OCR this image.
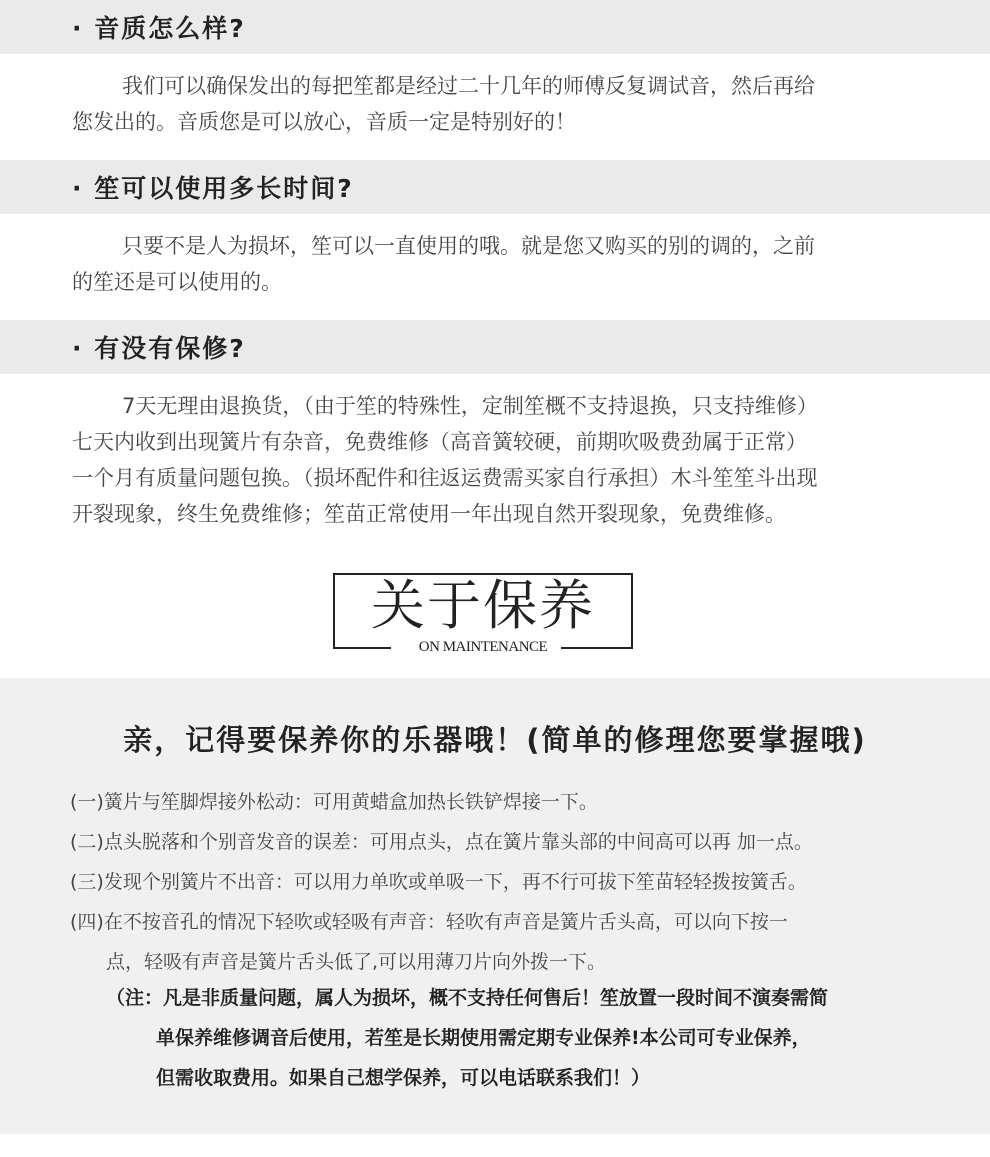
· 音质怎么样?

我们可以确保发出的每把笙都是经过二十几年的师傅反复调试音，然后再给

您发出的。音质您是可以放心，音质一定是特别好的！

· 笙可以使用多长时间?

只要不是人为损坏，笙可以一直使用的哦。就是您又购买的别的调的，之前

的笙还是可以使用的。

· 有没有保修?

7天无理由退换货，（由于笙的特殊性，定制笙概不支持退换，只支持维修）

七天内收到出现簧片有杂音，免费维修（高音簧较硬，前期吹吸费劲属于正常）

一个月有质量问题包换。（损坏配件和往返运费需买家自行承担）木斗笙笙斗出现

开裂现象，终生免费维修；笙苗正常使用一年出现自然开裂现象，免费维修。

关于保养
ON MAINTENANCE
亲，记得要保养你的乐器哦！(简单的修理您要掌握哦)
(一)簧片与笙脚焊接外松动：可用黄蜡盒加热长铁铲焊接一下。
(二)点头脱落和个别音发音的误差：可用点头，点在簧片靠头部的中间高可以再 加一点。
(三)发现个别簧片不出音：可以用力单吹或单吸一下，再不行可拔下笙苗轻轻拨按簧舌。
(四)在不按音孔的情况下轻吹或轻吸有声音：轻吹有声音是簧片舌头高，可以向下按一
点，轻吸有声音是簧片舌头低了,可以用薄刀片向外拨一下。
（注：凡是非质量问题，属人为损坏，概不支持任何售后！笙放置一段时间不演奏需简
单保养维修调音后使用，若笙是长期使用需定期专业保养!本公司可专业保养，
但需收取费用。如果自己想学保养，可以电话联系我们！）
